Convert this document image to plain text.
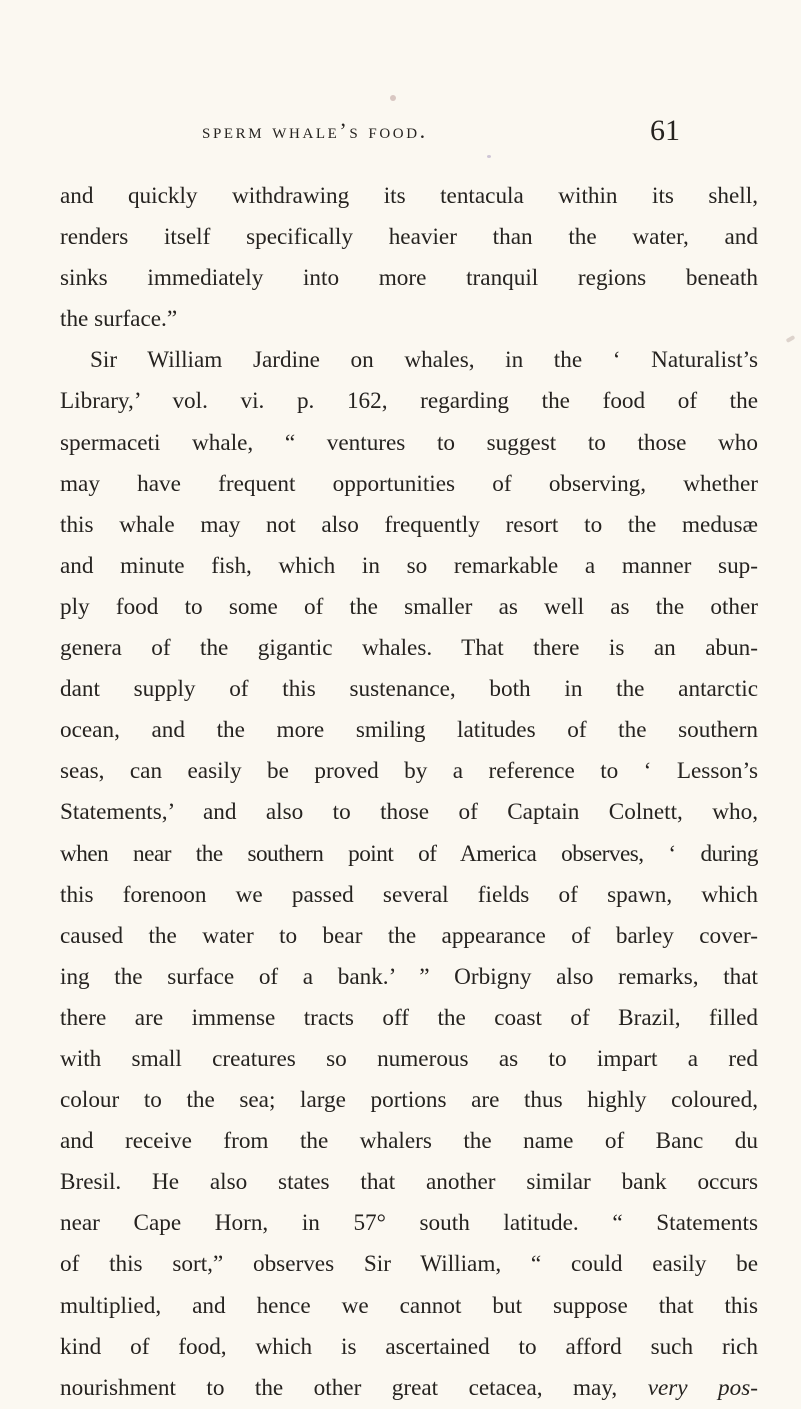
sperm whale’s food.	61
and quickly withdrawing its tentacula within its shell,
renders itself specifically heavier than the water, and
sinks immediately into more tranquil regions beneath
the surface.”
Sir William Jardine on whales, in the ‘ Naturalist’s
Library,’ vol. vi. p. 162, regarding the food of the
spermaceti whale, “ ventures to suggest to those who
may have frequent opportunities of observing, whether
this whale may not also frequently resort to the medusæ
and minute fish, which in so remarkable a manner sup-
ply food to some of the smaller as well as the other
genera of the gigantic whales. That there is an abun-
dant supply of this sustenance, both in the antarctic
ocean, and the more smiling latitudes of the southern
seas, can easily be proved by a reference to ‘ Lesson’s
Statements,’ and also to those of Captain Colnett, who,
when near the southern point of America observes, ‘ during
this forenoon we passed several fields of spawn, which
caused the water to bear the appearance of barley cover-
ing the surface of a bank.’ ” Orbigny also remarks, that
there are immense tracts off the coast of Brazil, filled
with small creatures so numerous as to impart a red
colour to the sea; large portions are thus highly coloured,
and receive from the whalers the name of Banc du
Bresil. He also states that another similar bank occurs
near Cape Horn, in 57° south latitude. “ Statements
of this sort,” observes Sir William, “ could easily be
multiplied, and hence we cannot but suppose that this
kind of food, which is ascertained to afford such rich
nourishment to the other great cetacea, may, very pos-
